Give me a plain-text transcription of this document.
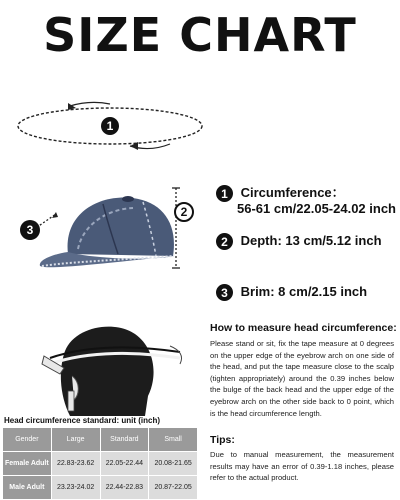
SIZE CHART
1
3
2
1 Circumference：
56-61 cm/22.05-24.02 inch
2 Depth: 13 cm/5.12 inch
3 Brim: 8 cm/2.15 inch
How to measure head circumference:
Please stand or sit, fix the tape measure at 0 degrees on the upper edge of the eyebrow arch on one side of the head, and put the tape measure close to the scalp (tighten appropriately) around the 0.39 inches below the bulge of the back head and the upper edge of the eyebrow arch on the other side back to 0 point, which is the head circumference length.
Tips:
Due to manual measurement, the measurement results may have an error of 0.39-1.18 inches, please refer to the actual product.
Head circumference standard: unit (inch)
Gender	Large	Standard	Small
Female Adult	22.83-23.62	22.05-22.44	20.08-21.65
Male Adult	23.23-24.02	22.44-22.83	20.87-22.05
